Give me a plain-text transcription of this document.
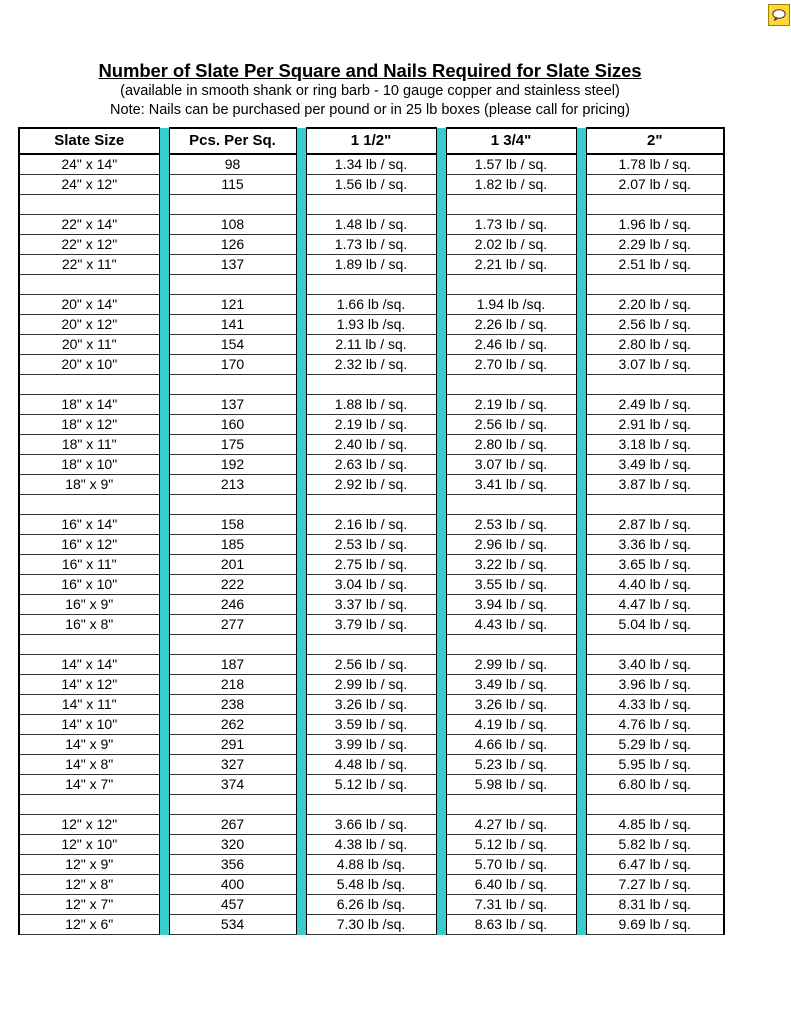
Number of Slate Per Square and Nails Required for Slate Sizes
(available in smooth shank or ring barb - 10 gauge copper and stainless steel)
Note: Nails can be purchased per pound or in 25 lb boxes (please call for pricing)
Slate Size		Pcs. Per Sq.		1 1/2"		1 3/4"		2"
24" x 14"		98		1.34 lb / sq.		1.57 lb / sq.		1.78 lb / sq.
24" x 12"		115		1.56 lb / sq.		1.82 lb / sq.		2.07 lb / sq.

22" x 14"		108		1.48 lb / sq.		1.73 lb / sq.		1.96 lb / sq.
22" x 12"		126		1.73 lb / sq.		2.02 lb / sq.		2.29 lb / sq.
22" x 11"		137		1.89 lb / sq.		2.21 lb / sq.		2.51 lb / sq.

20" x 14"		121		1.66 lb /sq.		1.94 lb /sq.		2.20 lb / sq.
20" x 12"		141		1.93 lb /sq.		2.26 lb / sq.		2.56 lb / sq.
20" x 11"		154		2.11 lb / sq.		2.46 lb / sq.		2.80 lb / sq.
20" x 10"		170		2.32 lb / sq.		2.70 lb / sq.		3.07 lb / sq.

18" x 14"		137		1.88 lb / sq.		2.19 lb / sq.		2.49 lb / sq.
18" x 12"		160		2.19 lb / sq.		2.56 lb / sq.		2.91 lb / sq.
18" x 11"		175		2.40 lb / sq.		2.80 lb / sq.		3.18 lb / sq.
18" x 10"		192		2.63 lb / sq.		3.07 lb / sq.		3.49 lb / sq.
18" x 9"		213		2.92 lb / sq.		3.41 lb / sq.		3.87 lb / sq.

16" x 14"		158		2.16 lb / sq.		2.53 lb / sq.		2.87 lb / sq.
16" x 12"		185		2.53 lb / sq.		2.96 lb / sq.		3.36 lb / sq.
16" x 11"		201		2.75 lb / sq.		3.22 lb / sq.		3.65 lb / sq.
16" x 10"		222		3.04 lb / sq.		3.55 lb / sq.		4.40 lb / sq.
16" x 9"		246		3.37 lb / sq.		3.94 lb / sq.		4.47 lb / sq.
16" x 8"		277		3.79 lb / sq.		4.43 lb / sq.		5.04 lb / sq.

14" x 14"		187		2.56 lb / sq.		2.99 lb / sq.		3.40 lb / sq.
14" x 12"		218		2.99 lb / sq.		3.49 lb / sq.		3.96 lb / sq.
14" x 11"		238		3.26 lb / sq.		3.26 lb / sq.		4.33 lb / sq.
14" x 10"		262		3.59 lb / sq.		4.19 lb / sq.		4.76 lb / sq.
14" x 9"		291		3.99 lb / sq.		4.66 lb / sq.		5.29 lb / sq.
14" x 8"		327		4.48 lb / sq.		5.23 lb / sq.		5.95 lb / sq.
14" x 7"		374		5.12 lb / sq.		5.98 lb / sq.		6.80 lb / sq.

12" x 12"		267		3.66 lb / sq.		4.27 lb / sq.		4.85 lb / sq.
12" x 10"		320		4.38 lb / sq.		5.12 lb / sq.		5.82 lb / sq.
12" x 9"		356		4.88 lb /sq.		5.70 lb / sq.		6.47 lb / sq.
12" x 8"		400		5.48 lb /sq.		6.40 lb / sq.		7.27 lb / sq.
12" x 7"		457		6.26 lb /sq.		7.31 lb / sq.		8.31 lb / sq.
12" x 6"		534		7.30 lb /sq.		8.63 lb / sq.		9.69 lb / sq.
